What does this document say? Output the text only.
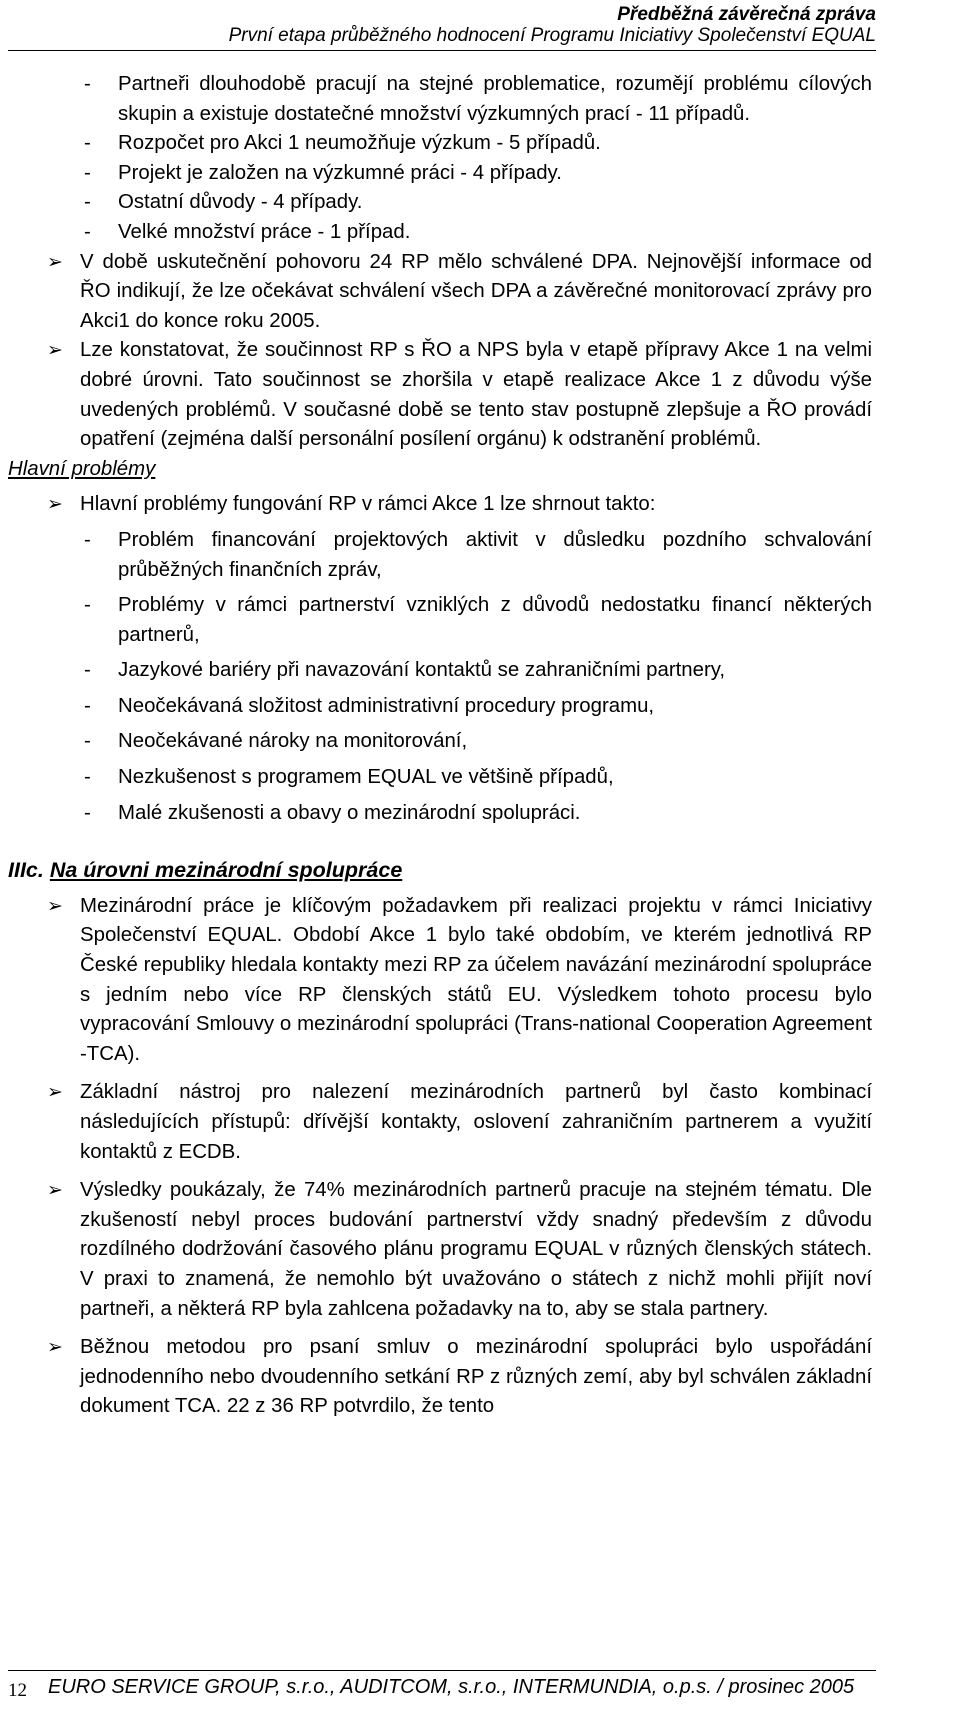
Předběžná závěrečná zpráva
První etapa průběžného hodnocení Programu Iniciativy Společenství EQUAL
- Partneři dlouhodobě pracují na stejné problematice, rozumějí problému cílových skupin a existuje dostatečné množství výzkumných prací - 11 případů.
- Rozpočet pro Akci 1 neumožňuje výzkum - 5 případů.
- Projekt je založen na výzkumné práci - 4 případy.
- Ostatní důvody - 4 případy.
- Velké množství práce - 1 případ.
➢ V době uskutečnění pohovoru 24 RP mělo schválené DPA. Nejnovější informace od ŘO indikují, že lze očekávat schválení všech DPA a závěrečné monitorovací zprávy pro Akci1 do konce roku 2005.
➢ Lze konstatovat, že součinnost RP s ŘO a NPS byla v etapě přípravy Akce 1 na velmi dobré úrovni. Tato součinnost se zhoršila v etapě realizace Akce 1 z důvodu výše uvedených problémů. V současné době se tento stav postupně zlepšuje a ŘO provádí opatření (zejména další personální posílení orgánu) k odstranění problémů.
Hlavní problémy
➢ Hlavní problémy fungování RP v rámci Akce 1 lze shrnout takto:
- Problém financování projektových aktivit v důsledku pozdního schvalování průběžných finančních zpráv,
- Problémy v rámci partnerství vzniklých z důvodů nedostatku financí některých partnerů,
- Jazykové bariéry při navazování kontaktů se zahraničními partnery,
- Neočekávaná složitost administrativní procedury programu,
- Neočekávané nároky na monitorování,
- Nezkušenost s programem EQUAL ve většině případů,
- Malé zkušenosti a obavy o mezinárodní spolupráci.
IIIc. Na úrovni mezinárodní spolupráce
➢ Mezinárodní práce je klíčovým požadavkem při realizaci projektu v rámci Iniciativy Společenství EQUAL. Období Akce 1 bylo také obdobím, ve kterém jednotlivá RP České republiky hledala kontakty mezi RP za účelem navázání mezinárodní spolupráce s jedním nebo více RP členských států EU. Výsledkem tohoto procesu bylo vypracování Smlouvy o mezinárodní spolupráci (Trans-national Cooperation Agreement -TCA).
➢ Základní nástroj pro nalezení mezinárodních partnerů byl často kombinací následujících přístupů: dřívější kontakty, oslovení zahraničním partnerem a využití kontaktů z ECDB.
➢ Výsledky poukázaly, že 74% mezinárodních partnerů pracuje na stejném tématu. Dle zkušeností nebyl proces budování partnerství vždy snadný především z důvodu rozdílného dodržování časového plánu programu EQUAL v různých členských státech. V praxi to znamená, že nemohlo být uvažováno o státech z nichž mohli přijít noví partneři, a některá RP byla zahlcena požadavky na to, aby se stala partnery.
➢ Běžnou metodou pro psaní smluv o mezinárodní spolupráci bylo uspořádání jednodenního nebo dvoudenního setkání RP z různých zemí, aby byl schválen základní dokument TCA. 22 z 36 RP potvrdilo, že tento
12 EURO SERVICE GROUP, s.r.o., AUDITCOM, s.r.o., INTERMUNDIA, o.p.s. / prosinec 2005
